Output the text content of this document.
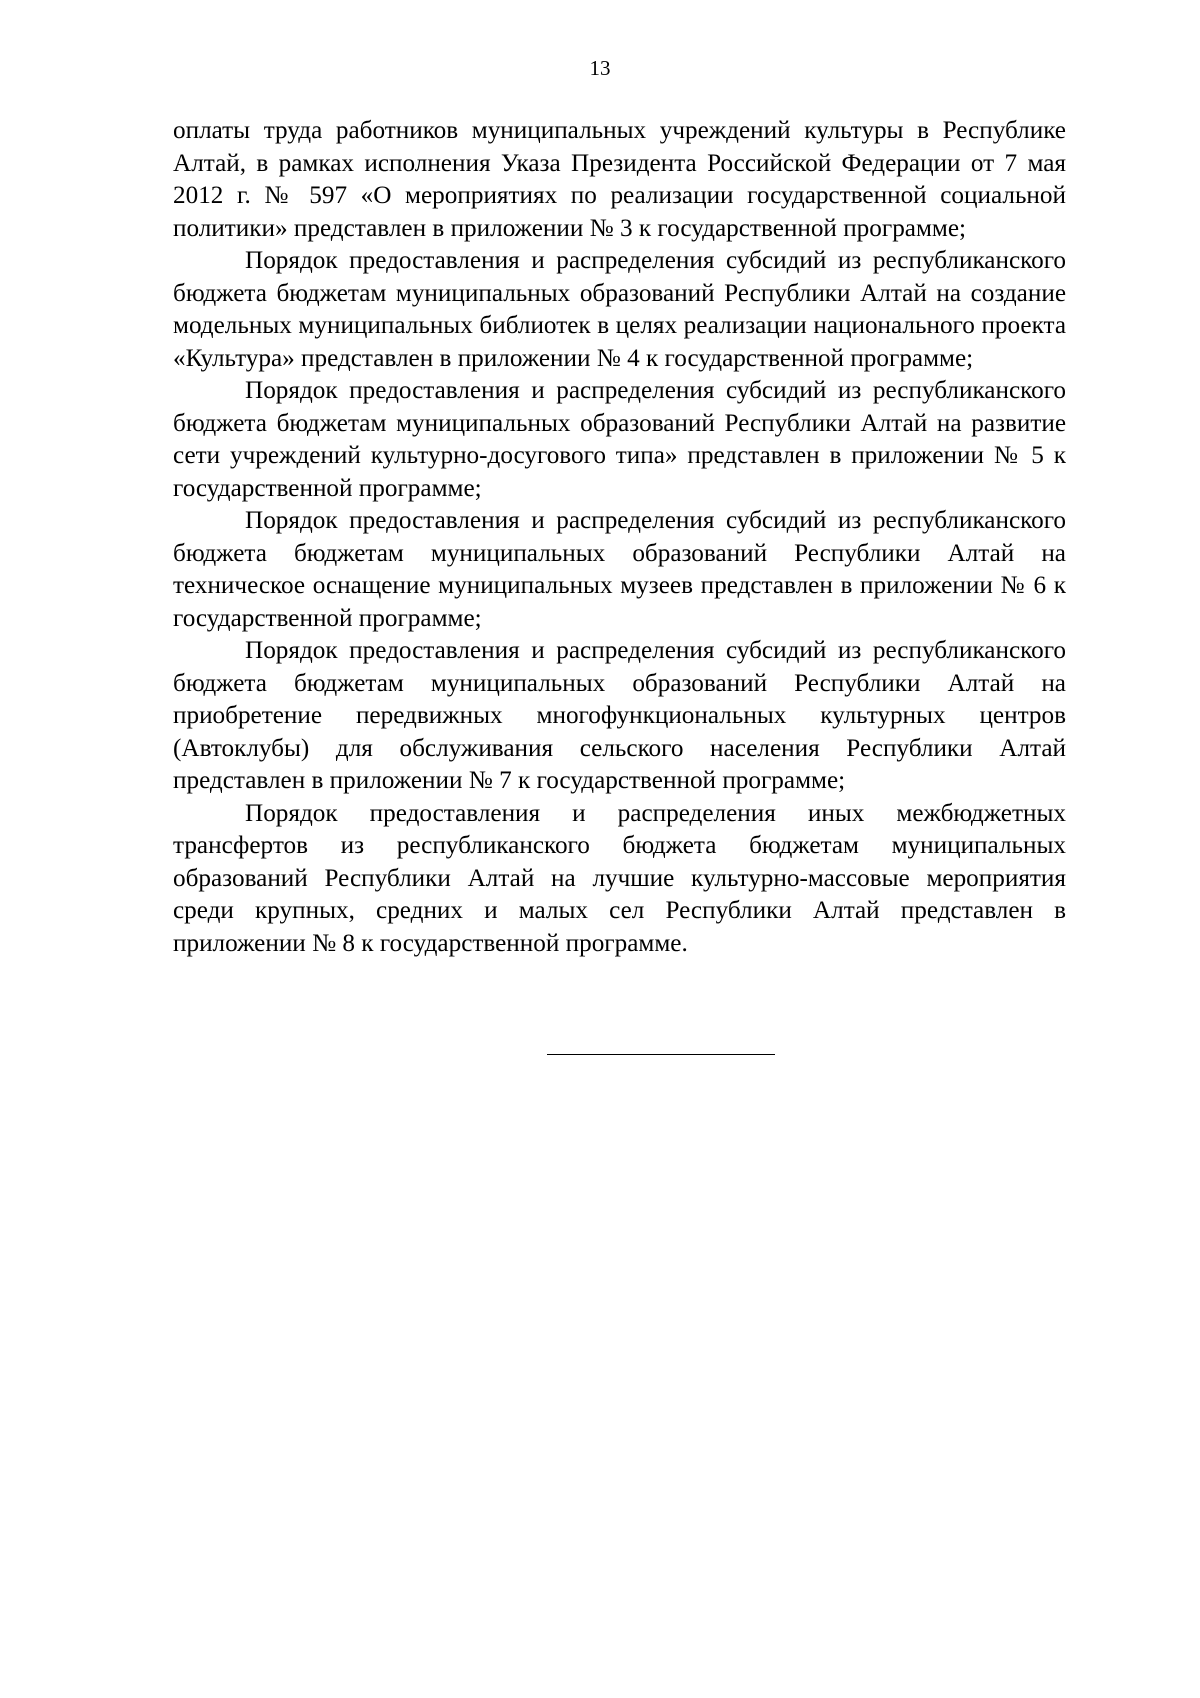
13

оплаты труда работников муниципальных учреждений культуры в Республике Алтай, в рамках исполнения Указа Президента Российской Федерации от 7 мая 2012 г. № 597 «О мероприятиях по реализации государственной социальной политики» представлен в приложении № 3 к государственной программе;

Порядок предоставления и распределения субсидий из республиканского бюджета бюджетам муниципальных образований Республики Алтай на создание модельных муниципальных библиотек в целях реализации национального проекта «Культура» представлен в приложении № 4 к государственной программе;

Порядок предоставления и распределения субсидий из республиканского бюджета бюджетам муниципальных образований Республики Алтай на развитие сети учреждений культурно-досугового типа» представлен в приложении № 5 к государственной программе;

Порядок предоставления и распределения субсидий из республиканского бюджета бюджетам муниципальных образований Республики Алтай на техническое оснащение муниципальных музеев представлен в приложении № 6 к государственной программе;

Порядок предоставления и распределения субсидий из республиканского бюджета бюджетам муниципальных образований Республики Алтай на приобретение передвижных многофункциональных культурных центров (Автоклубы) для обслуживания сельского населения Республики Алтай представлен в приложении № 7 к государственной программе;

Порядок предоставления и распределения иных межбюджетных трансфертов из республиканского бюджета бюджетам муниципальных образований Республики Алтай на лучшие культурно-массовые мероприятия среди крупных, средних и малых сел Республики Алтай представлен в приложении № 8 к государственной программе.
